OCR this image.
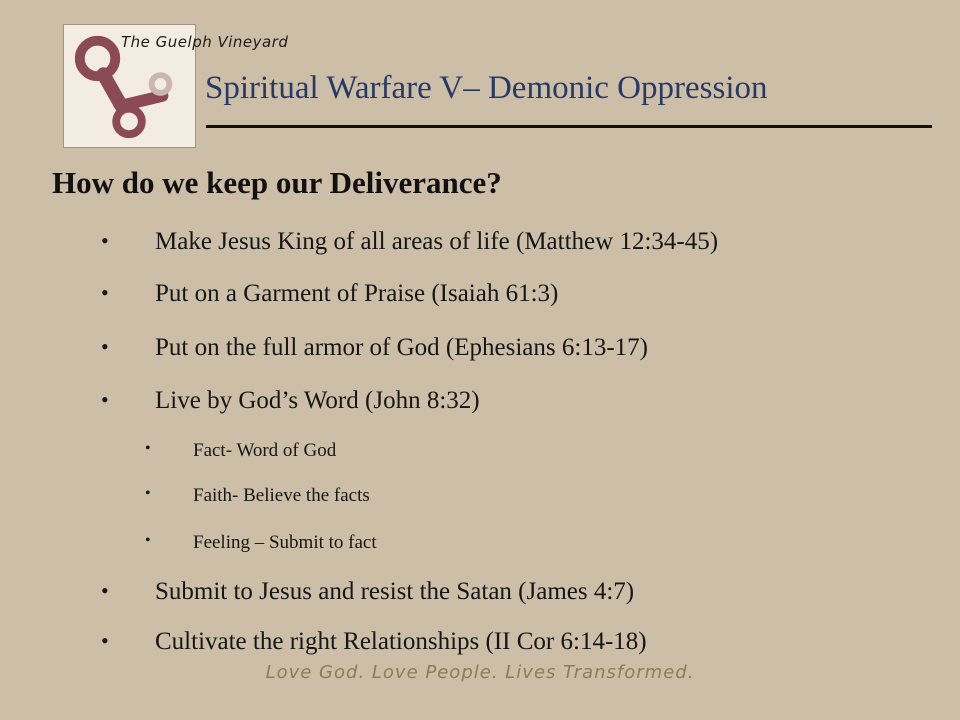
The Guelph Vineyard
Spiritual Warfare V– Demonic Oppression
How do we keep our Deliverance?
• Make Jesus King of all areas of life (Matthew 12:34-45)
• Put on a Garment of Praise (Isaiah 61:3)
• Put on the full armor of God (Ephesians 6:13-17)
• Live by God’s Word (John 8:32)
• Fact- Word of God
• Faith- Believe the facts
• Feeling – Submit to fact
• Submit to Jesus and resist the Satan (James 4:7)
• Cultivate the right Relationships (II Cor 6:14-18)
Love God. Love People. Lives Transformed.
